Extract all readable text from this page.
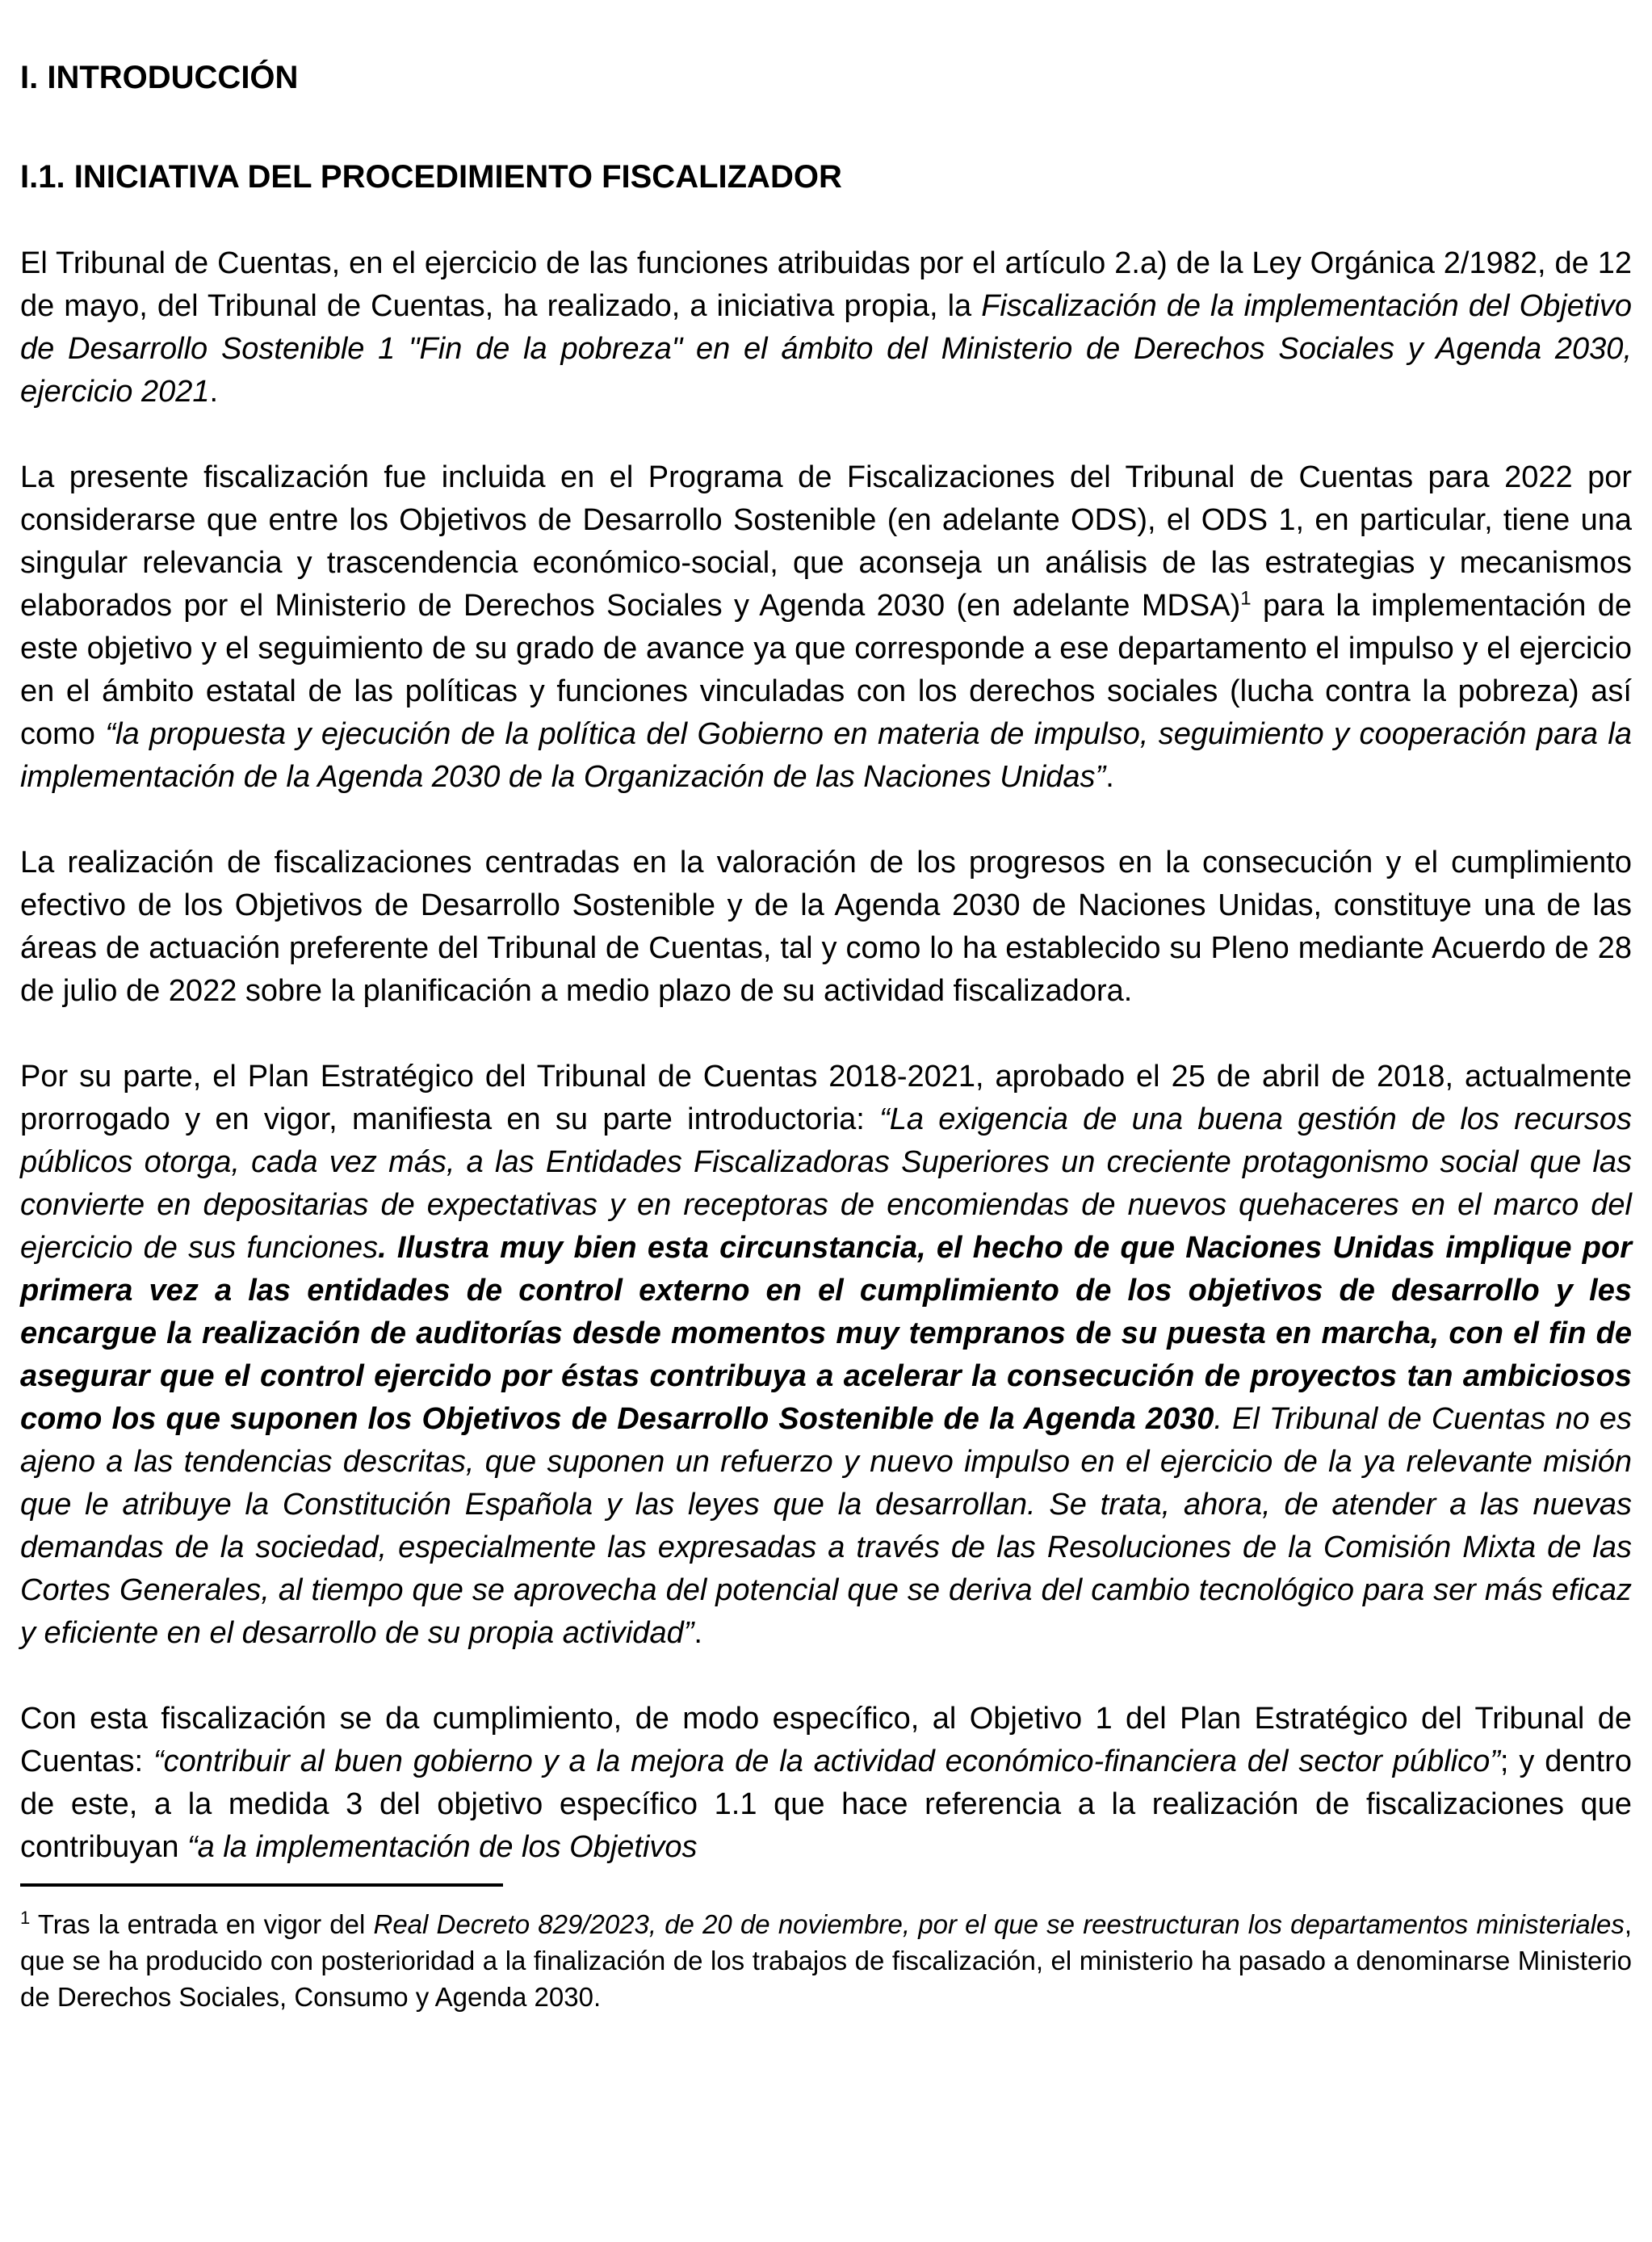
I. INTRODUCCIÓN
I.1. INICIATIVA DEL PROCEDIMIENTO FISCALIZADOR

El Tribunal de Cuentas, en el ejercicio de las funciones atribuidas por el artículo 2.a) de la Ley Orgánica 2/1982, de 12 de mayo, del Tribunal de Cuentas, ha realizado, a iniciativa propia, la Fiscalización de la implementación del Objetivo de Desarrollo Sostenible 1 "Fin de la pobreza" en el ámbito del Ministerio de Derechos Sociales y Agenda 2030, ejercicio 2021.

La presente fiscalización fue incluida en el Programa de Fiscalizaciones del Tribunal de Cuentas para 2022 por considerarse que entre los Objetivos de Desarrollo Sostenible (en adelante ODS), el ODS 1, en particular, tiene una singular relevancia y trascendencia económico-social, que aconseja un análisis de las estrategias y mecanismos elaborados por el Ministerio de Derechos Sociales y Agenda 2030 (en adelante MDSA)$^1$ para la implementación de este objetivo y el seguimiento de su grado de avance ya que corresponde a ese departamento el impulso y el ejercicio en el ámbito estatal de las políticas y funciones vinculadas con los derechos sociales (lucha contra la pobreza) así como “la propuesta y ejecución de la política del Gobierno en materia de impulso, seguimiento y cooperación para la implementación de la Agenda 2030 de la Organización de las Naciones Unidas”.

La realización de fiscalizaciones centradas en la valoración de los progresos en la consecución y el cumplimiento efectivo de los Objetivos de Desarrollo Sostenible y de la Agenda 2030 de Naciones Unidas, constituye una de las áreas de actuación preferente del Tribunal de Cuentas, tal y como lo ha establecido su Pleno mediante Acuerdo de 28 de julio de 2022 sobre la planificación a medio plazo de su actividad fiscalizadora.

Por su parte, el Plan Estratégico del Tribunal de Cuentas 2018-2021, aprobado el 25 de abril de 2018, actualmente prorrogado y en vigor, manifiesta en su parte introductoria: “La exigencia de una buena gestión de los recursos públicos otorga, cada vez más, a las Entidades Fiscalizadoras Superiores un creciente protagonismo social que las convierte en depositarias de expectativas y en receptoras de encomiendas de nuevos quehaceres en el marco del ejercicio de sus funciones. Ilustra muy bien esta circunstancia, el hecho de que Naciones Unidas implique por primera vez a las entidades de control externo en el cumplimiento de los objetivos de desarrollo y les encargue la realización de auditorías desde momentos muy tempranos de su puesta en marcha, con el fin de asegurar que el control ejercido por éstas contribuya a acelerar la consecución de proyectos tan ambiciosos como los que suponen los Objetivos de Desarrollo Sostenible de la Agenda 2030. El Tribunal de Cuentas no es ajeno a las tendencias descritas, que suponen un refuerzo y nuevo impulso en el ejercicio de la ya relevante misión que le atribuye la Constitución Española y las leyes que la desarrollan. Se trata, ahora, de atender a las nuevas demandas de la sociedad, especialmente las expresadas a través de las Resoluciones de la Comisión Mixta de las Cortes Generales, al tiempo que se aprovecha del potencial que se deriva del cambio tecnológico para ser más eficaz y eficiente en el desarrollo de su propia actividad”.

Con esta fiscalización se da cumplimiento, de modo específico, al Objetivo 1 del Plan Estratégico del Tribunal de Cuentas: “contribuir al buen gobierno y a la mejora de la actividad económico-financiera del sector público”; y dentro de este, a la medida 3 del objetivo específico 1.1 que hace referencia a la realización de fiscalizaciones que contribuyan “a la implementación de los Objetivos

$^1$ Tras la entrada en vigor del Real Decreto 829/2023, de 20 de noviembre, por el que se reestructuran los departamentos ministeriales, que se ha producido con posterioridad a la finalización de los trabajos de fiscalización, el ministerio ha pasado a denominarse Ministerio de Derechos Sociales, Consumo y Agenda 2030.
